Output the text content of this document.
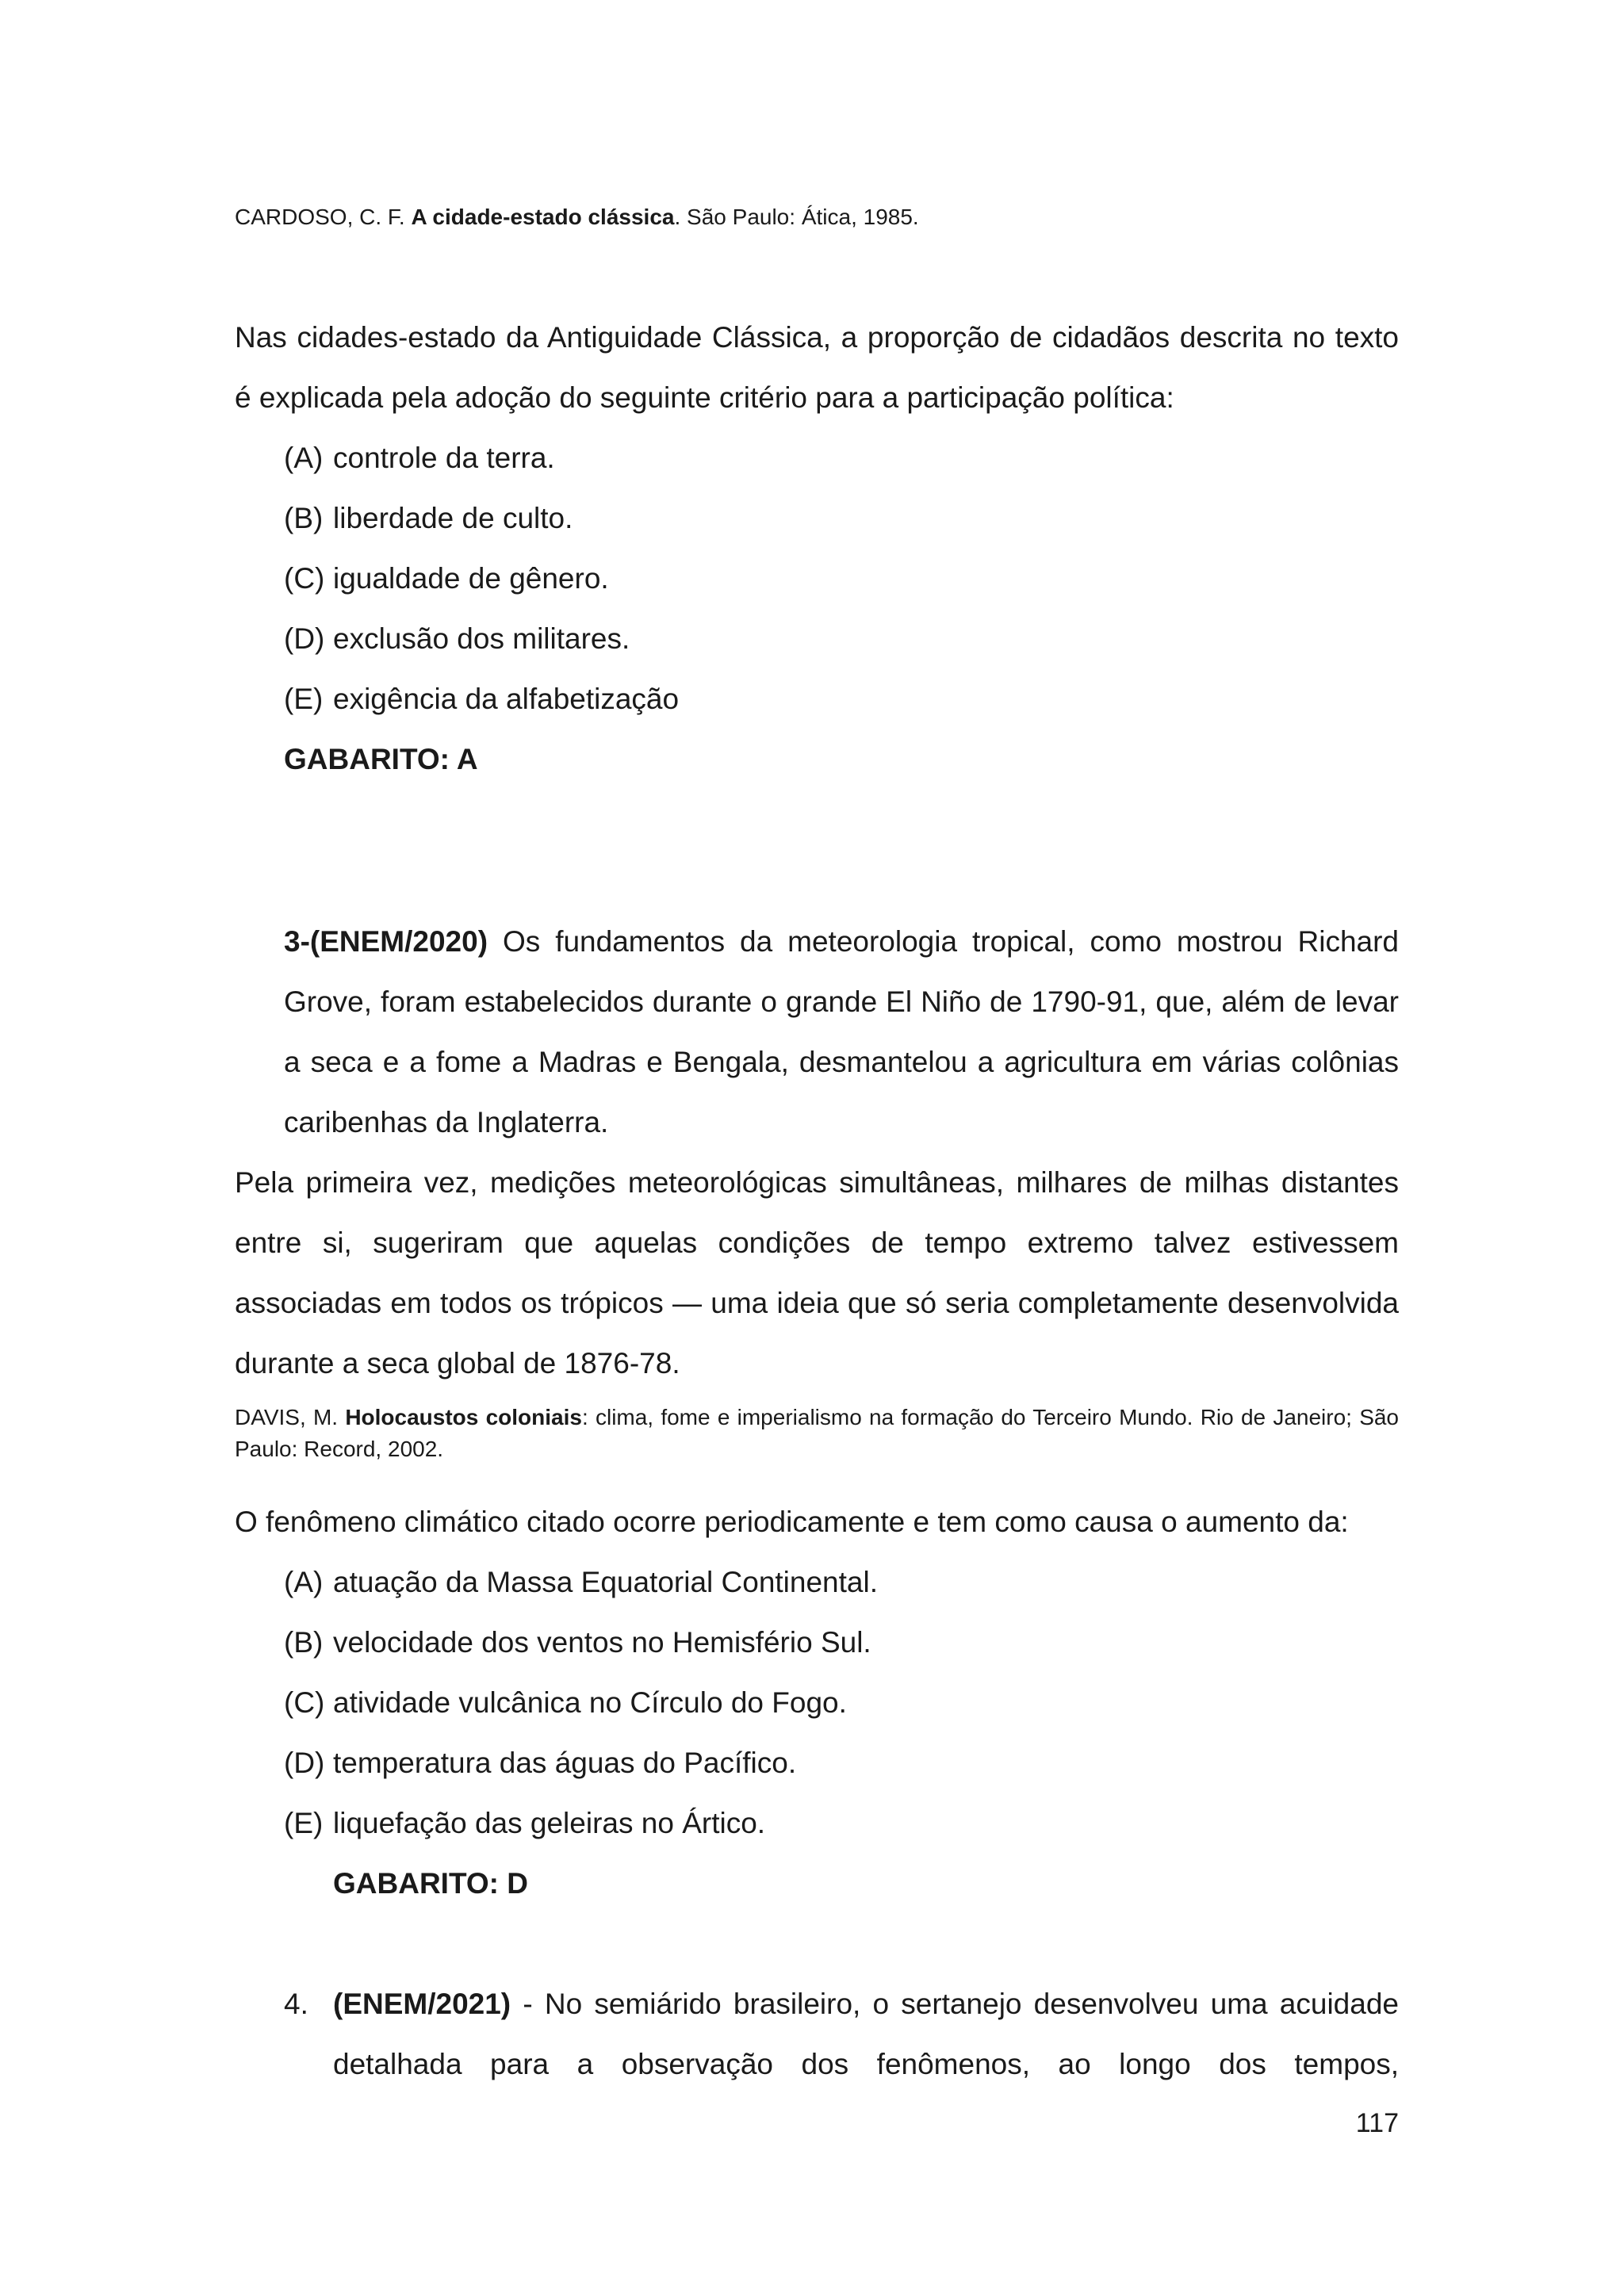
CARDOSO, C. F. A cidade-estado clássica. São Paulo: Ática, 1985.
Nas cidades-estado da Antiguidade Clássica, a proporção de cidadãos descrita no texto é explicada pela adoção do seguinte critério para a participação política:
(A) controle da terra.
(B) liberdade de culto.
(C) igualdade de gênero.
(D) exclusão dos militares.
(E) exigência da alfabetização
GABARITO: A
3-(ENEM/2020) Os fundamentos da meteorologia tropical, como mostrou Richard Grove, foram estabelecidos durante o grande El Niño de 1790-91, que, além de levar a seca e a fome a Madras e Bengala, desmantelou a agricultura em várias colônias caribenhas da Inglaterra.
Pela primeira vez, medições meteorológicas simultâneas, milhares de milhas distantes entre si, sugeriram que aquelas condições de tempo extremo talvez estivessem associadas em todos os trópicos — uma ideia que só seria completamente desenvolvida durante a seca global de 1876-78.
DAVIS, M. Holocaustos coloniais: clima, fome e imperialismo na formação do Terceiro Mundo. Rio de Janeiro; São Paulo: Record, 2002.
O fenômeno climático citado ocorre periodicamente e tem como causa o aumento da:
(A) atuação da Massa Equatorial Continental.
(B) velocidade dos ventos no Hemisfério Sul.
(C) atividade vulcânica no Círculo do Fogo.
(D) temperatura das águas do Pacífico.
(E) liquefação das geleiras no Ártico.
GABARITO: D
4. (ENEM/2021) - No semiárido brasileiro, o sertanejo desenvolveu uma acuidade
detalhada para a observação dos fenômenos, ao longo dos tempos,
117
